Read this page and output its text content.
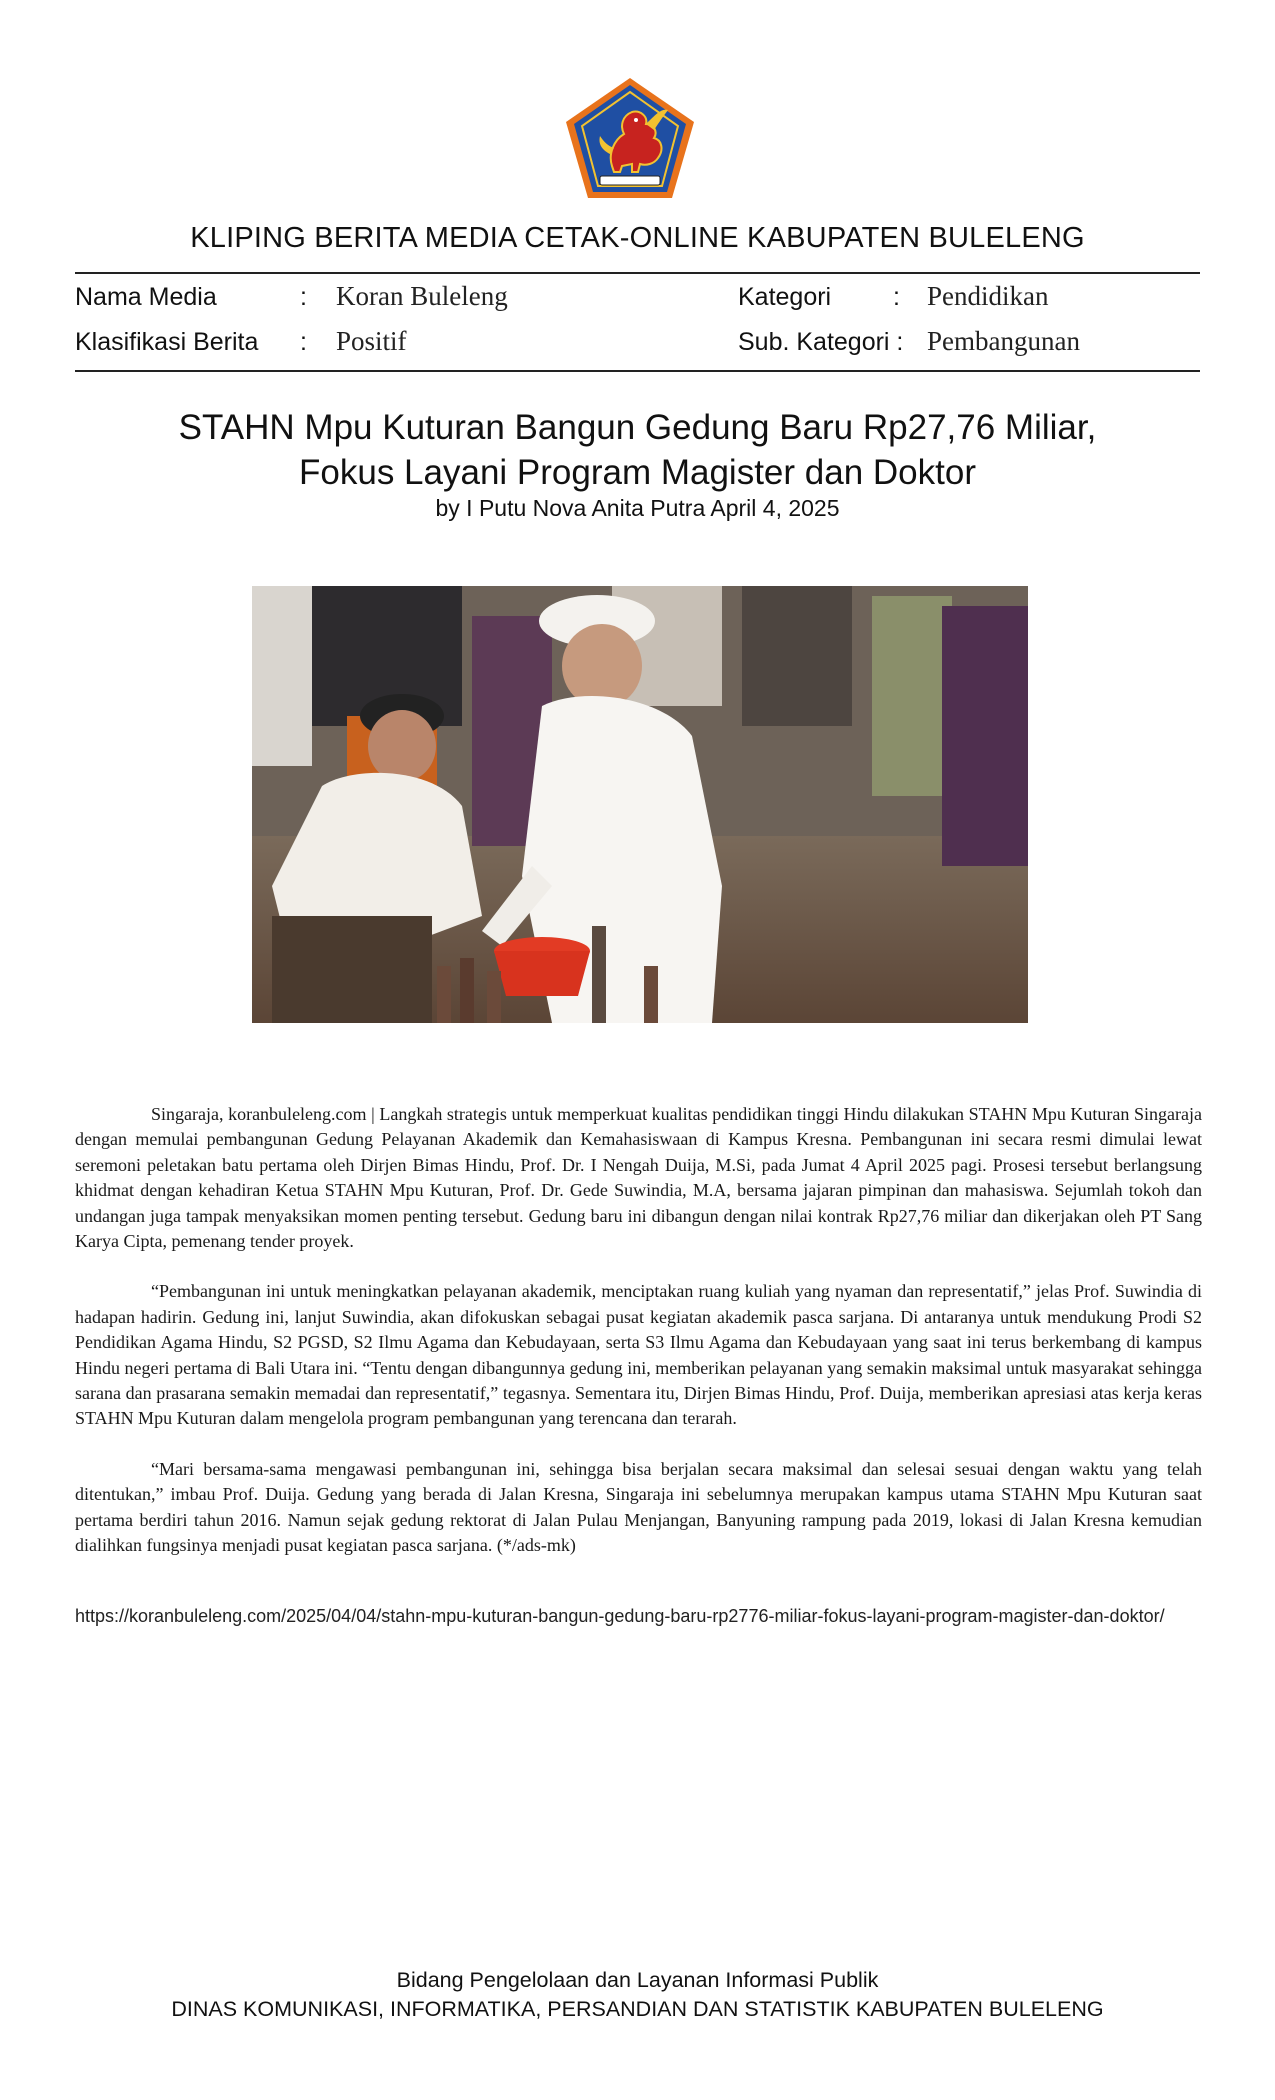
KLIPING BERITA MEDIA CETAK-ONLINE KABUPATEN BULELENG
Nama Media	: Koran Buleleng
Klasifikasi Berita : Positif
Kategori : Pendidikan
Sub. Kategori : Pembangunan
STAHN Mpu Kuturan Bangun Gedung Baru Rp27,76 Miliar,
Fokus Layani Program Magister dan Doktor
by I Putu Nova Anita Putra April 4, 2025

Singaraja, koranbuleleng.com | Langkah strategis untuk memperkuat kualitas pendidikan tinggi Hindu dilakukan STAHN Mpu Kuturan Singaraja dengan memulai pembangunan Gedung Pelayanan Akademik dan Kemahasiswaan di Kampus Kresna. Pembangunan ini secara resmi dimulai lewat seremoni peletakan batu pertama oleh Dirjen Bimas Hindu, Prof. Dr. I Nengah Duija, M.Si, pada Jumat 4 April 2025 pagi. Prosesi tersebut berlangsung khidmat dengan kehadiran Ketua STAHN Mpu Kuturan, Prof. Dr. Gede Suwindia, M.A, bersama jajaran pimpinan dan mahasiswa. Sejumlah tokoh dan undangan juga tampak menyaksikan momen penting tersebut. Gedung baru ini dibangun dengan nilai kontrak Rp27,76 miliar dan dikerjakan oleh PT Sang Karya Cipta, pemenang tender proyek.

“Pembangunan ini untuk meningkatkan pelayanan akademik, menciptakan ruang kuliah yang nyaman dan representatif,” jelas Prof. Suwindia di hadapan hadirin. Gedung ini, lanjut Suwindia, akan difokuskan sebagai pusat kegiatan akademik pasca sarjana. Di antaranya untuk mendukung Prodi S2 Pendidikan Agama Hindu, S2 PGSD, S2 Ilmu Agama dan Kebudayaan, serta S3 Ilmu Agama dan Kebudayaan yang saat ini terus berkembang di kampus Hindu negeri pertama di Bali Utara ini. “Tentu dengan dibangunnya gedung ini, memberikan pelayanan yang semakin maksimal untuk masyarakat sehingga sarana dan prasarana semakin memadai dan representatif,” tegasnya. Sementara itu, Dirjen Bimas Hindu, Prof. Duija, memberikan apresiasi atas kerja keras STAHN Mpu Kuturan dalam mengelola program pembangunan yang terencana dan terarah.

“Mari bersama-sama mengawasi pembangunan ini, sehingga bisa berjalan secara maksimal dan selesai sesuai dengan waktu yang telah ditentukan,” imbau Prof. Duija. Gedung yang berada di Jalan Kresna, Singaraja ini sebelumnya merupakan kampus utama STAHN Mpu Kuturan saat pertama berdiri tahun 2016. Namun sejak gedung rektorat di Jalan Pulau Menjangan, Banyuning rampung pada 2019, lokasi di Jalan Kresna kemudian dialihkan fungsinya menjadi pusat kegiatan pasca sarjana. (*/ads-mk)

https://koranbuleleng.com/2025/04/04/stahn-mpu-kuturan-bangun-gedung-baru-rp2776-miliar-fokus-layani-program-magister-dan-doktor/
Bidang Pengelolaan dan Layanan Informasi Publik
DINAS KOMUNIKASI, INFORMATIKA, PERSANDIAN DAN STATISTIK KABUPATEN BULELENG
